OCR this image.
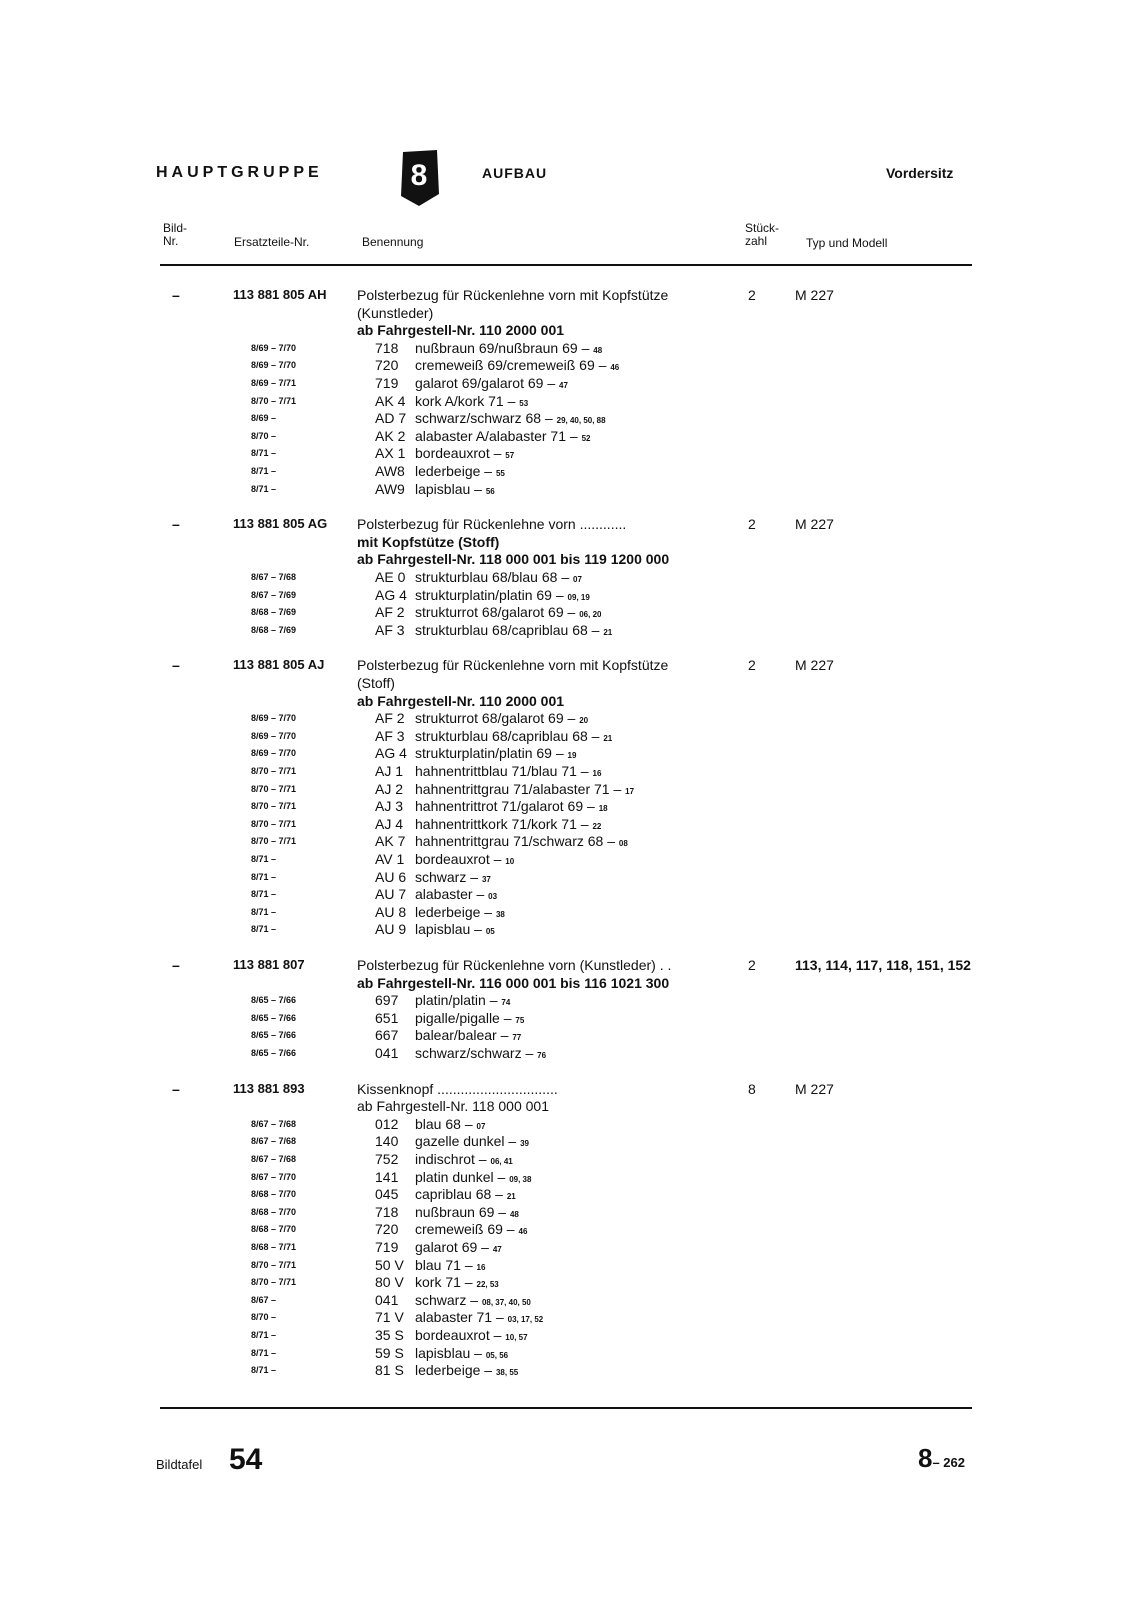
HAUPTGRUPPE	8	AUFBAU	Vordersitz
Bild-
Nr.	Ersatzteile-Nr.	Benennung
Stück-
zahl	Typ und Modell
–	113 881 805 AH Polsterbezug für Rückenlehne vorn mit Kopfstütze	2	M 227
(Kunstleder)
ab Fahrgestell-Nr. 110 2000 001
8/69 – 7/70	718 nußbraun 69/nußbraun 69 – 48
8/69 – 7/70	720 cremeweiß 69/cremeweiß 69 – 46
8/69 – 7/71	719 galarot 69/galarot 69 – 47
8/70 – 7/71	AK 4 kork A/kork 71 – 53
8/69 –	AD 7 schwarz/schwarz 68 – 29, 40, 50, 88
8/70 –	AK 2 alabaster A/alabaster 71 – 52
8/71 –	AX 1 bordeauxrot – 57
8/71 –	AW8 lederbeige – 55
8/71 –	AW9 lapisblau – 56
–	113 881 805 AG Polsterbezug für Rückenlehne vorn ............	2	M 227
mit Kopfstütze (Stoff)
ab Fahrgestell-Nr. 118 000 001 bis 119 1200 000
8/67 – 7/68	AE 0 strukturblau 68/blau 68 – 07
8/67 – 7/69	AG 4 strukturplatin/platin 69 – 09, 19
8/68 – 7/69	AF 2 strukturrot 68/galarot 69 – 06, 20
8/68 – 7/69	AF 3 strukturblau 68/capriblau 68 – 21
–	113 881 805 AJ Polsterbezug für Rückenlehne vorn mit Kopfstütze	2	M 227
(Stoff)
ab Fahrgestell-Nr. 110 2000 001
8/69 – 7/70	AF 2 strukturrot 68/galarot 69 – 20
8/69 – 7/70	AF 3 strukturblau 68/capriblau 68 – 21
8/69 – 7/70	AG 4 strukturplatin/platin 69 – 19
8/70 – 7/71	AJ 1 hahnentrittblau 71/blau 71 – 16
8/70 – 7/71	AJ 2 hahnentrittgrau 71/alabaster 71 – 17
8/70 – 7/71	AJ 3 hahnentrittrot 71/galarot 69 – 18
8/70 – 7/71	AJ 4 hahnentrittkork 71/kork 71 – 22
8/70 – 7/71	AK 7 hahnentrittgrau 71/schwarz 68 – 08
8/71 –	AV 1 bordeauxrot – 10
8/71 –	AU 6 schwarz – 37
8/71 –	AU 7 alabaster – 03
8/71 –	AU 8 lederbeige – 38
8/71 –	AU 9 lapisblau – 05
–	113 881 807	Polsterbezug für Rückenlehne vorn (Kunstleder) . .	2	113, 114, 117, 118, 151, 152
ab Fahrgestell-Nr. 116 000 001 bis 116 1021 300
8/65 – 7/66	697 platin/platin – 74
8/65 – 7/66	651 pigalle/pigalle – 75
8/65 – 7/66	667 balear/balear – 77
8/65 – 7/66	041 schwarz/schwarz – 76
–	113 881 893	Kissenknopf ...............................	8	M 227
ab Fahrgestell-Nr. 118 000 001
8/67 – 7/68	012 blau 68 – 07
8/67 – 7/68	140 gazelle dunkel – 39
8/67 – 7/68	752 indischrot – 06, 41
8/67 – 7/70	141 platin dunkel – 09, 38
8/68 – 7/70	045 capriblau 68 – 21
8/68 – 7/70	718 nußbraun 69 – 48
8/68 – 7/70	720 cremeweiß 69 – 46
8/68 – 7/71	719 galarot 69 – 47
8/70 – 7/71	50 V blau 71 – 16
8/70 – 7/71	80 V kork 71 – 22, 53
8/67 –	041 schwarz – 08, 37, 40, 50
8/70 –	71 V alabaster 71 – 03, 17, 52
8/71 –	35 S bordeauxrot – 10, 57
8/71 –	59 S lapisblau – 05, 56
8/71 –	81 S lederbeige – 38, 55
Bildtafel 54	8– 262
